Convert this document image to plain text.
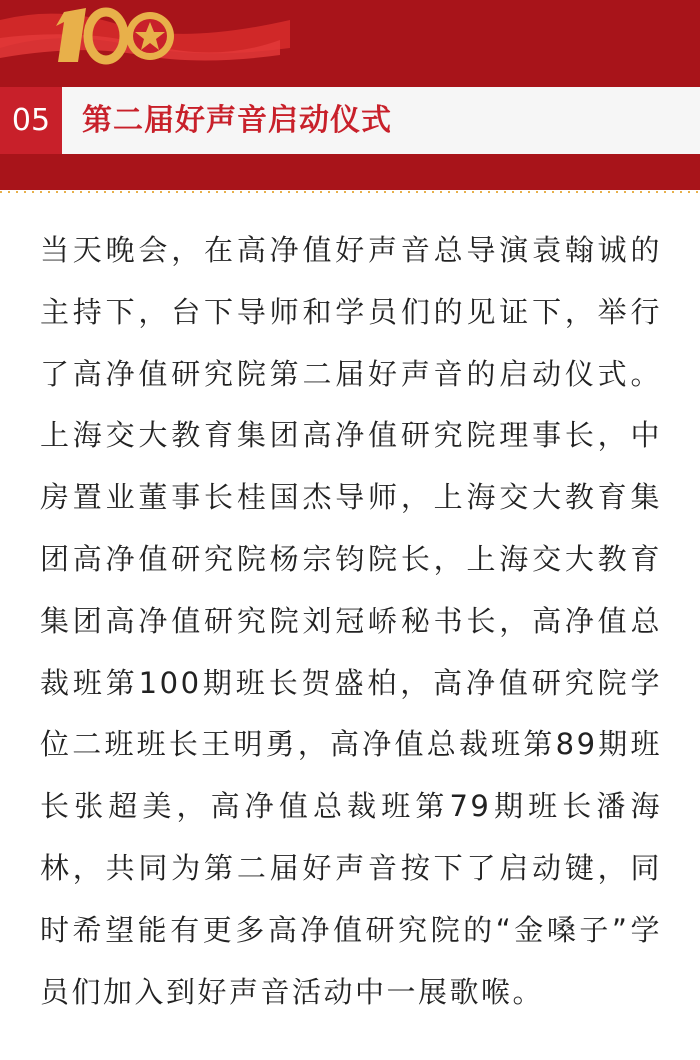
05	第二届好声音启动仪式
当天晚会，在高净值好声音总导演袁翰诚的主持下，台下导师和学员们的见证下，举行了高净值研究院第二届好声音的启动仪式。上海交大教育集团高净值研究院理事长，中房置业董事长桂国杰导师，上海交大教育集团高净值研究院杨宗钧院长，上海交大教育集团高净值研究院刘冠峤秘书长，高净值总裁班第100期班长贺盛柏，高净值研究院学位二班班长王明勇，高净值总裁班第89期班长张超美，高净值总裁班第79期班长潘海林，共同为第二届好声音按下了启动键，同时希望能有更多高净值研究院的“金嗓子”学员们加入到好声音活动中一展歌喉。
